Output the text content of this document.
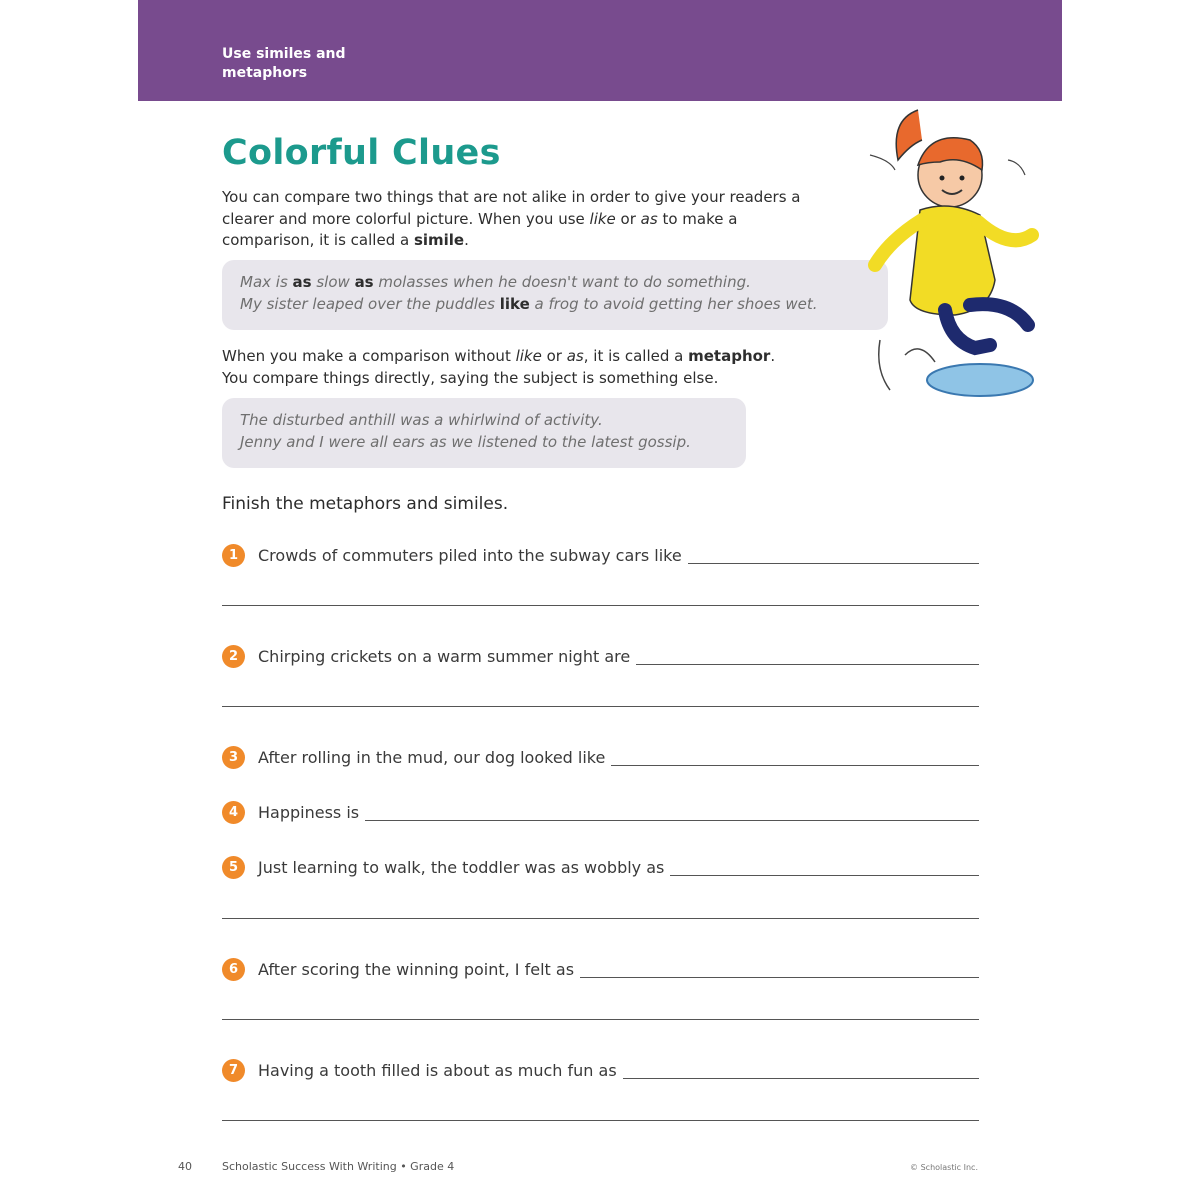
Use similes and
metaphors
Colorful Clues

You can compare two things that are not alike in order to give your readers a clearer and more colorful picture. When you use like or as to make a comparison, it is called a simile.

Max is as slow as molasses when he doesn't want to do something.
My sister leaped over the puddles like a frog to avoid getting her shoes wet.

When you make a comparison without like or as, it is called a metaphor.
You compare things directly, saying the subject is something else.

The disturbed anthill was a whirlwind of activity.
Jenny and I were all ears as we listened to the latest gossip.

Finish the metaphors and similes.

1	Crowds of commuters piled into the subway cars like
2	Chirping crickets on a warm summer night are
3	After rolling in the mud, our dog looked like
4	Happiness is
5	Just learning to walk, the toddler was as wobbly as
6	After scoring the winning point, I felt as
7	Having a tooth filled is about as much fun as
Scholastic Success With Writing • Grade 4	© Scholastic Inc.
40
